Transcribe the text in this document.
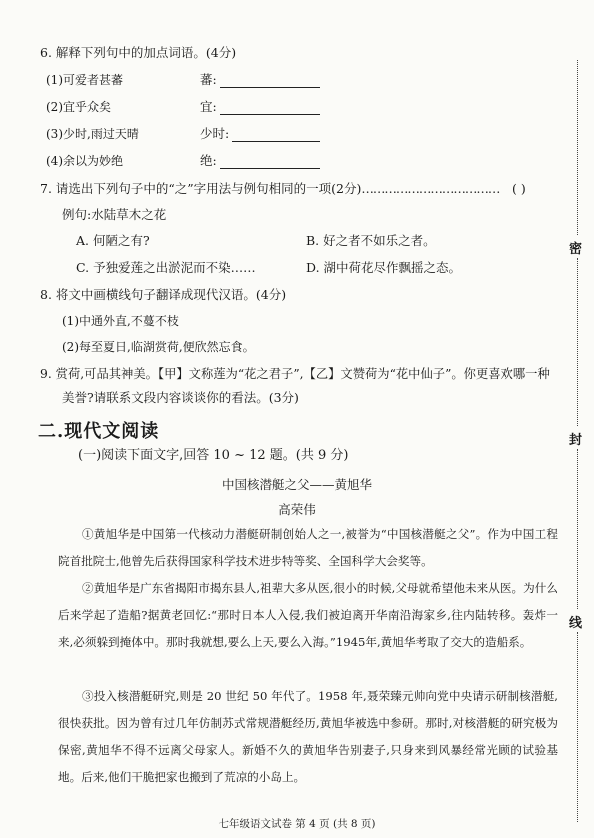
6. 解释下列句中的加点词语。(4分)
(1)可爱者甚蕃	蕃:
(2)宜乎众矣	宜:
(3)少时,雨过天晴	少时:
(4)余以为妙绝	绝:
7. 请选出下列句子中的“之”字用法与例句相同的一项(2分)……………………………… ( )
例句:水陆草木之花
A. 何陋之有?	B. 好之者不如乐之者。
C. 予独爱莲之出淤泥而不染……	D. 湖中荷花尽作飘摇之态。
8. 将文中画横线句子翻译成现代汉语。(4分)
(1)中通外直,不蔓不枝
(2)每至夏日,临湖赏荷,便欣然忘食。
9. 赏荷,可品其神美。【甲】文称莲为“花之君子”,【乙】文赞荷为“花中仙子”。你更喜欢哪一种
美誉?请联系文段内容谈谈你的看法。(3分)
二.现代文阅读
(一)阅读下面文字,回答 10 ~ 12 题。(共 9 分)
中国核潜艇之父——黄旭华
高荣伟
①黄旭华是中国第一代核动力潜艇研制创始人之一,被誉为“中国核潜艇之父”。作为中国工程院首批院士,他曾先后获得国家科学技术进步特等奖、全国科学大会奖等。
②黄旭华是广东省揭阳市揭东县人,祖辈大多从医,很小的时候,父母就希望他未来从医。为什么后来学起了造船?据黄老回忆:“那时日本人入侵,我们被迫离开华南沿海家乡,往内陆转移。轰炸一来,必须躲到掩体中。那时我就想,要么上天,要么入海。”1945年,黄旭华考取了交大的造船系。
③投入核潜艇研究,则是 20 世纪 50 年代了。1958 年,聂荣臻元帅向党中央请示研制核潜艇,很快获批。因为曾有过几年仿制苏式常规潜艇经历,黄旭华被选中参研。那时,对核潜艇的研究极为保密,黄旭华不得不远离父母家人。新婚不久的黄旭华告别妻子,只身来到风暴经常光顾的试验基地。后来,他们干脆把家也搬到了荒凉的小岛上。
密
封
线
七年级语文试卷 第 4 页 (共 8 页)
